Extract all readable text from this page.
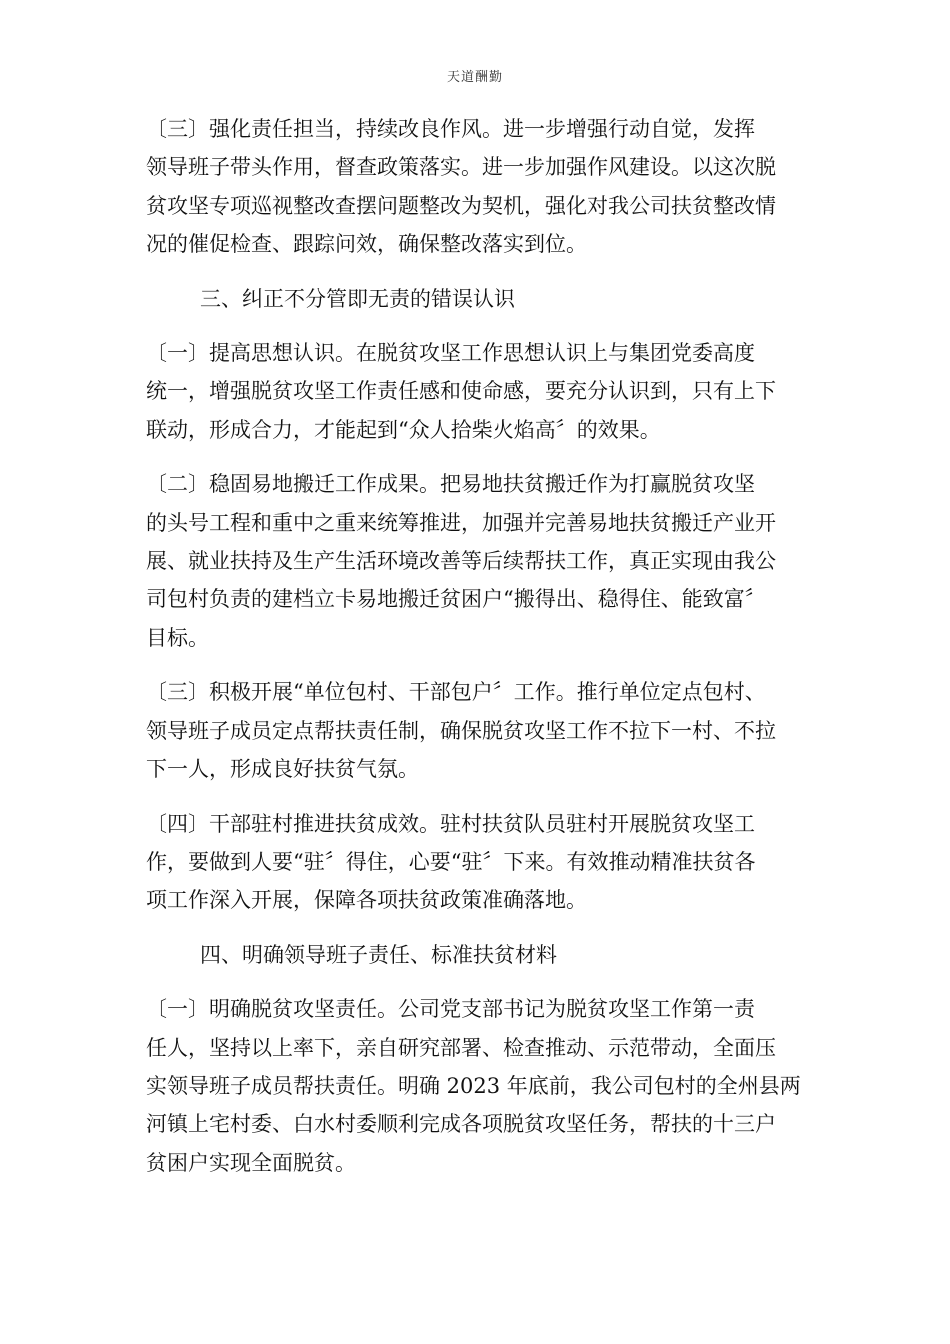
天道酬勤
〔三〕强化责任担当，持续改良作风。进一步增强行动自觉，发挥
领导班子带头作用，督查政策落实。进一步加强作风建设。以这次脱
贫攻坚专项巡视整改查摆问题整改为契机，强化对我公司扶贫整改情
况的催促检查、跟踪问效，确保整改落实到位。
三、纠正不分管即无责的错误认识
〔一〕提高思想认识。在脱贫攻坚工作思想认识上与集团党委高度
统一，增强脱贫攻坚工作责任感和使命感，要充分认识到，只有上下
联动，形成合力，才能起到“众人拾柴火焰高〞的效果。
〔二〕稳固易地搬迁工作成果。把易地扶贫搬迁作为打赢脱贫攻坚
的头号工程和重中之重来统筹推进，加强并完善易地扶贫搬迁产业开
展、就业扶持及生产生活环境改善等后续帮扶工作，真正实现由我公
司包村负责的建档立卡易地搬迁贫困户“搬得出、稳得住、能致富〞
目标。
〔三〕积极开展“单位包村、干部包户〞工作。推行单位定点包村、
领导班子成员定点帮扶责任制，确保脱贫攻坚工作不拉下一村、不拉
下一人，形成良好扶贫气氛。
〔四〕干部驻村推进扶贫成效。驻村扶贫队员驻村开展脱贫攻坚工
作，要做到人要“驻〞得住，心要“驻〞下来。有效推动精准扶贫各
项工作深入开展，保障各项扶贫政策准确落地。
四、明确领导班子责任、标准扶贫材料
〔一〕明确脱贫攻坚责任。公司党支部书记为脱贫攻坚工作第一责
任人，坚持以上率下，亲自研究部署、检查推动、示范带动，全面压
实领导班子成员帮扶责任。明确 2023 年底前，我公司包村的全州县两
河镇上宅村委、白水村委顺利完成各项脱贫攻坚任务，帮扶的十三户
贫困户实现全面脱贫。
